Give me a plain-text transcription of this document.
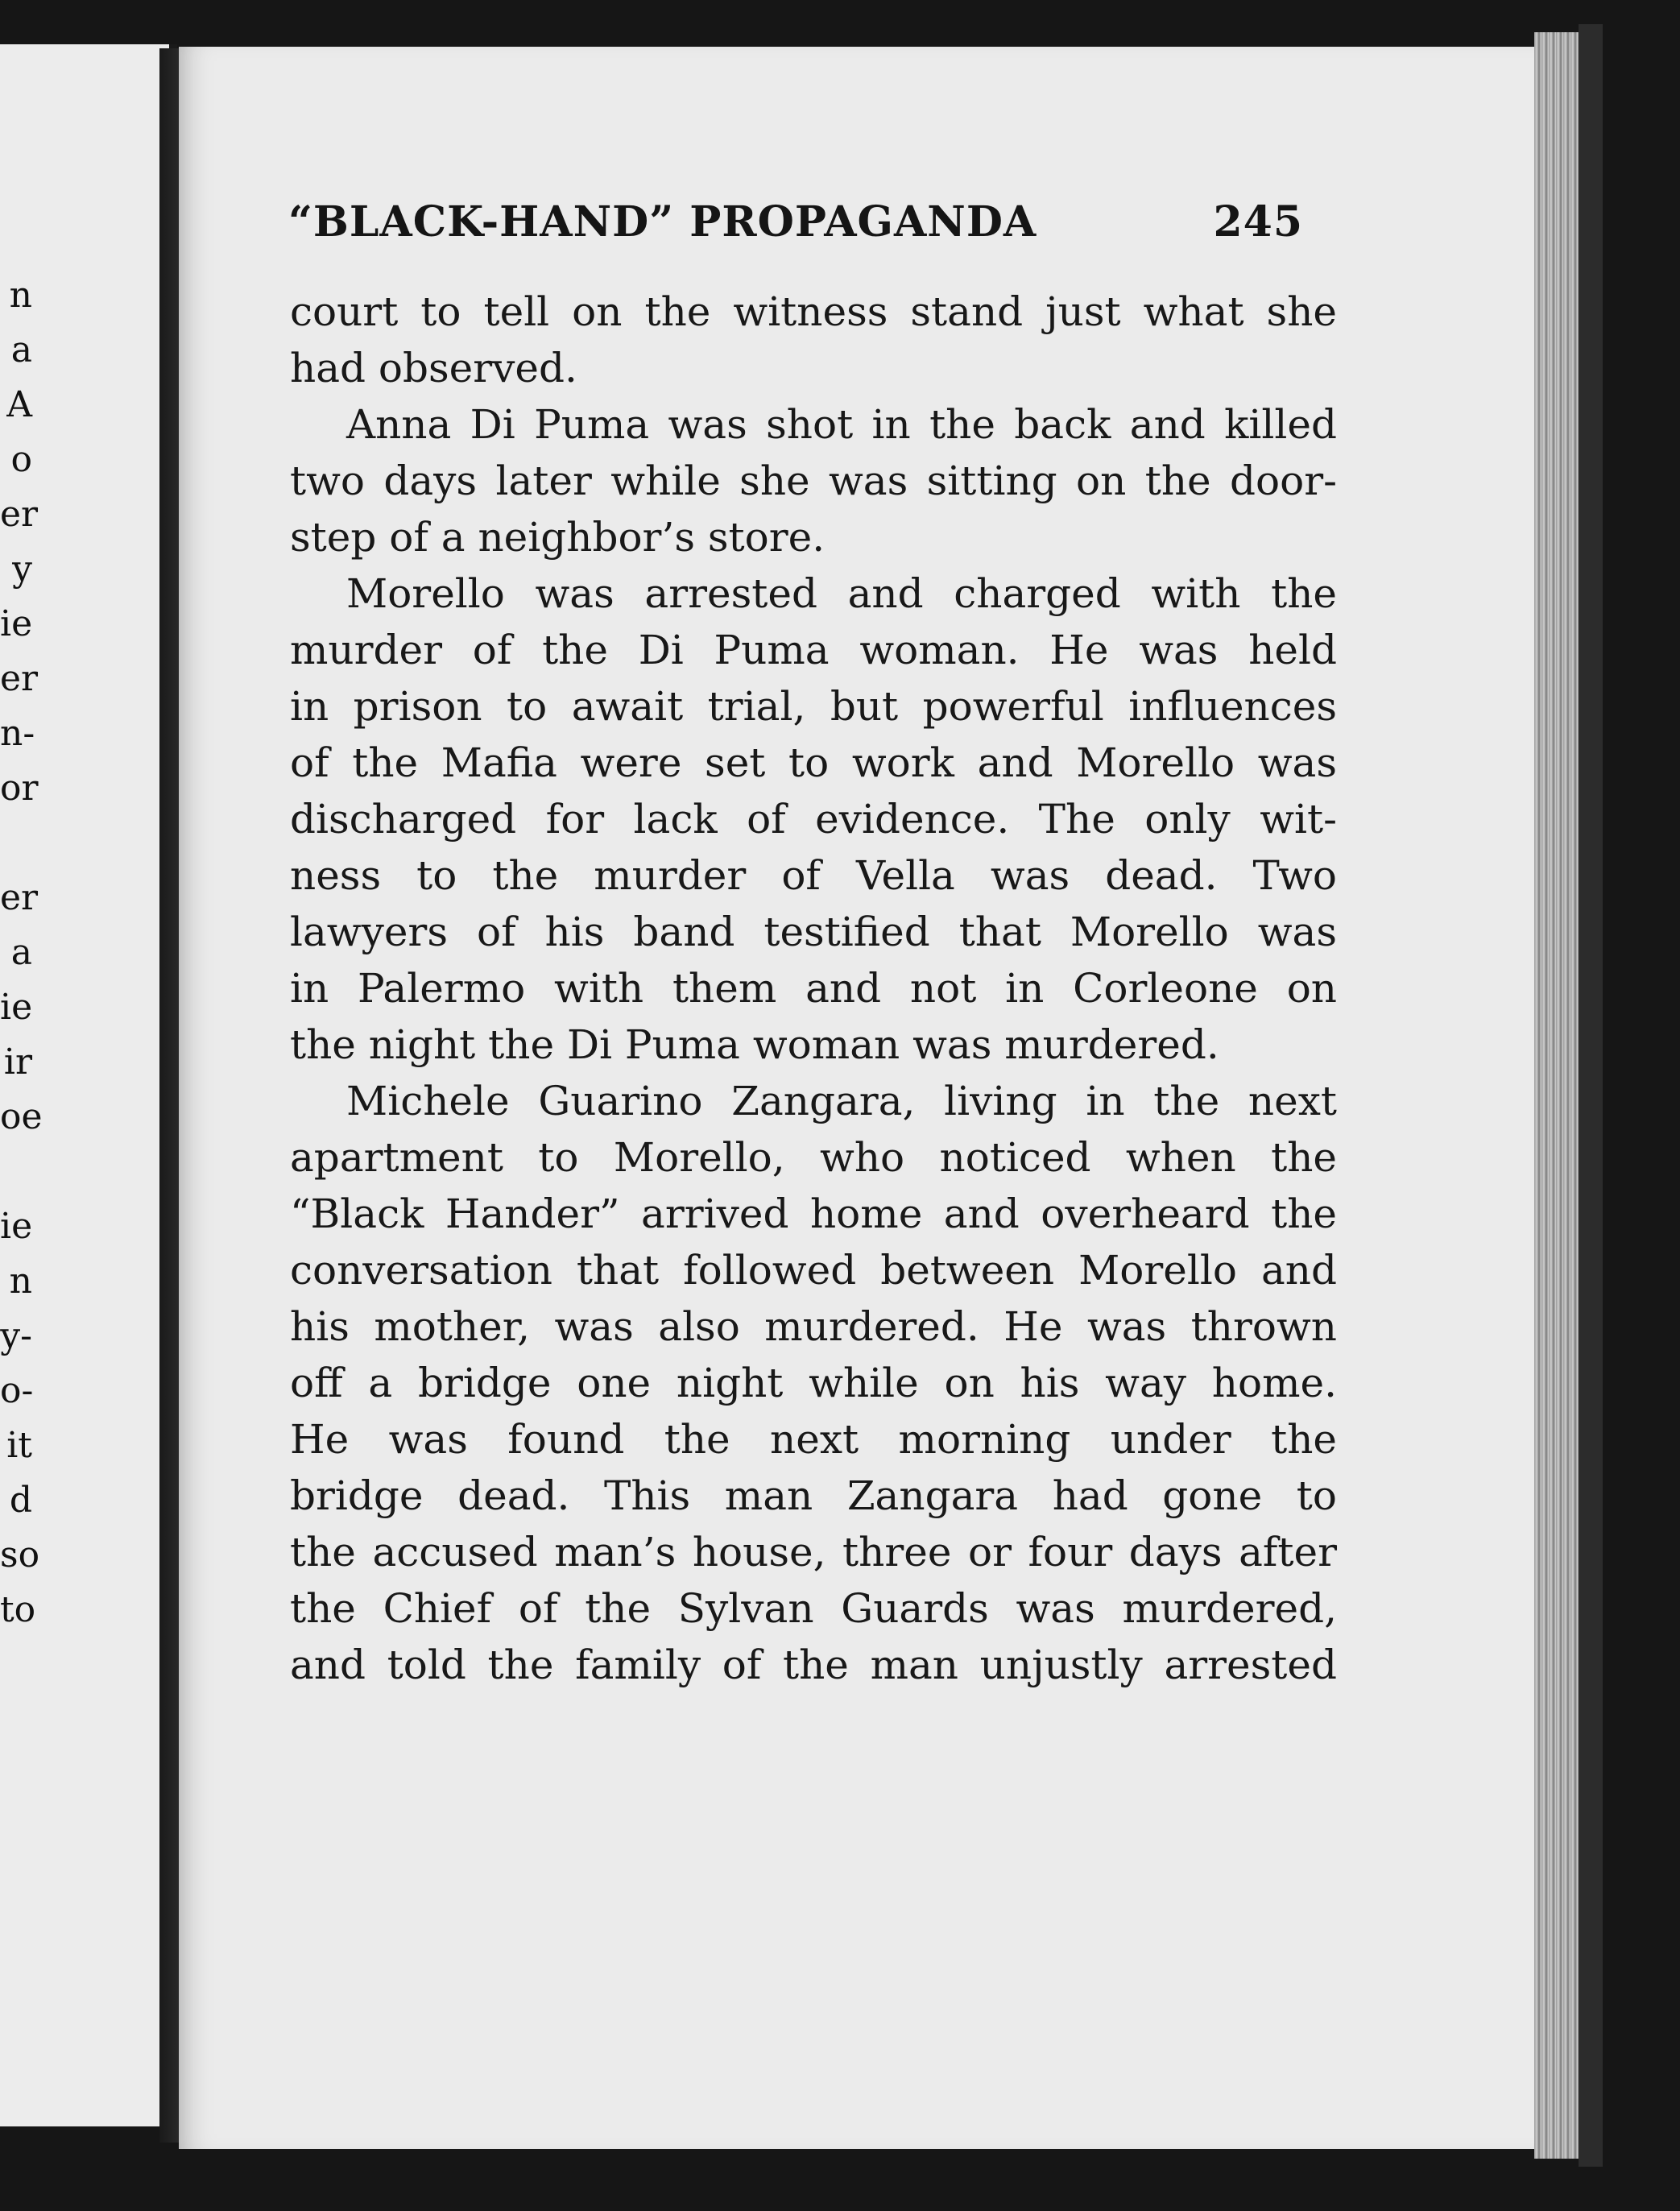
n
a
A
o
er
y
ie
er
n-
or
er
a
ie
ir
oe
ie
n
y-
o-
it
d
so
to
“BLACK-HAND” PROPAGANDA	245
court to tell on the witness stand just what she
had observed.
Anna Di Puma was shot in the back and killed
two days later while she was sitting on the door-
step of a neighbor’s store.
Morello was arrested and charged with the
murder of the Di Puma woman. He was held
in prison to await trial, but powerful influences
of the Mafia were set to work and Morello was
discharged for lack of evidence. The only wit-
ness to the murder of Vella was dead. Two
lawyers of his band testified that Morello was
in Palermo with them and not in Corleone on
the night the Di Puma woman was murdered.
Michele Guarino Zangara, living in the next
apartment to Morello, who noticed when the
“Black Hander” arrived home and overheard the
conversation that followed between Morello and
his mother, was also murdered. He was thrown
off a bridge one night while on his way home.
He was found the next morning under the
bridge dead. This man Zangara had gone to
the accused man’s house, three or four days after
the Chief of the Sylvan Guards was murdered,
and told the family of the man unjustly arrested
